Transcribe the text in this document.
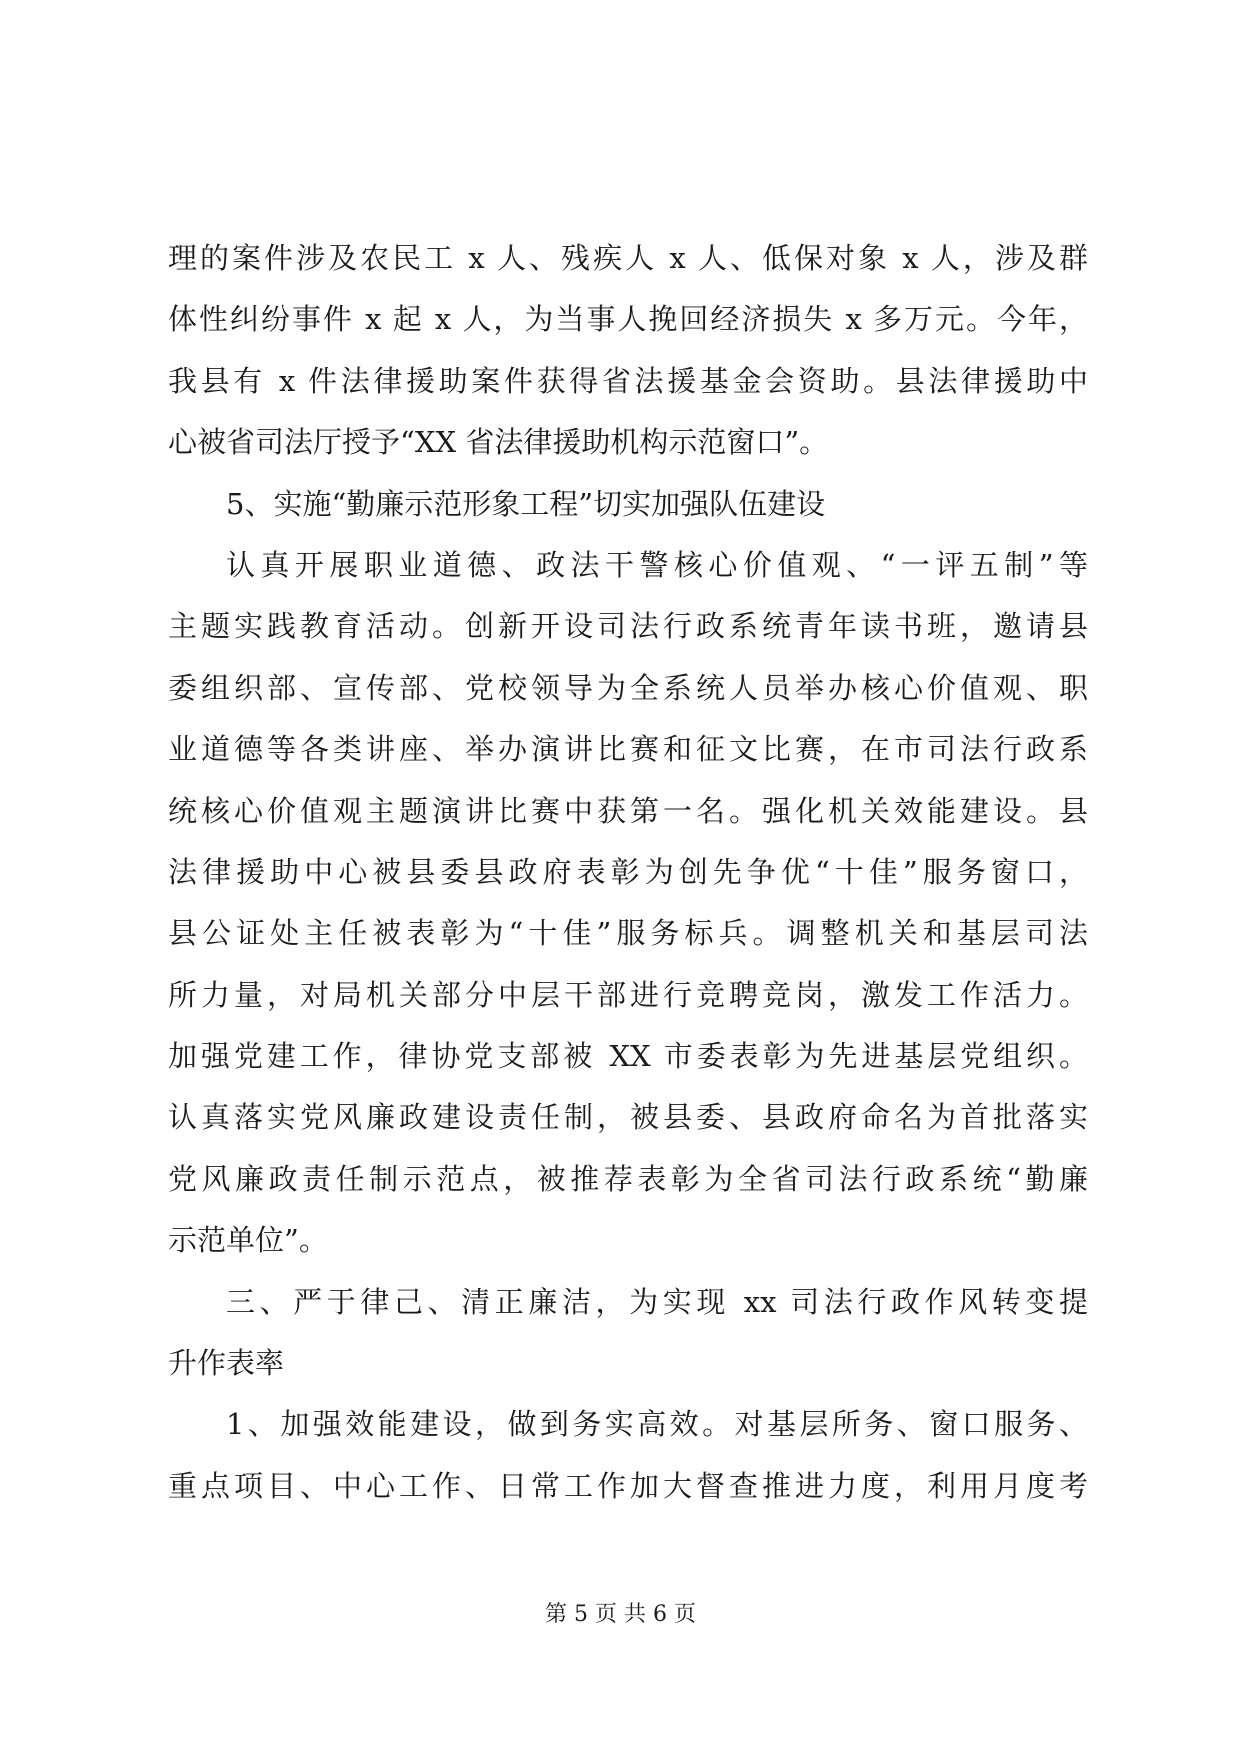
理的案件涉及农民工 x 人、残疾人 x 人、低保对象 x 人，涉及群
体性纠纷事件 x 起 x 人，为当事人挽回经济损失 x 多万元。今年，
我县有 x 件法律援助案件获得省法援基金会资助。县法律援助中
心被省司法厅授予“XX 省法律援助机构示范窗口”。
5、实施“勤廉示范形象工程”切实加强队伍建设
认真开展职业道德、政法干警核心价值观、“一评五制”等
主题实践教育活动。创新开设司法行政系统青年读书班，邀请县
委组织部、宣传部、党校领导为全系统人员举办核心价值观、职
业道德等各类讲座、举办演讲比赛和征文比赛，在市司法行政系
统核心价值观主题演讲比赛中获第一名。强化机关效能建设。县
法律援助中心被县委县政府表彰为创先争优“十佳”服务窗口，
县公证处主任被表彰为“十佳”服务标兵。调整机关和基层司法
所力量，对局机关部分中层干部进行竞聘竞岗，激发工作活力。
加强党建工作，律协党支部被 XX 市委表彰为先进基层党组织。
认真落实党风廉政建设责任制，被县委、县政府命名为首批落实
党风廉政责任制示范点，被推荐表彰为全省司法行政系统“勤廉
示范单位”。
三、严于律己、清正廉洁，为实现 xx 司法行政作风转变提
升作表率
1、加强效能建设，做到务实高效。对基层所务、窗口服务、
重点项目、中心工作、日常工作加大督查推进力度，利用月度考
第 5 页 共 6 页
